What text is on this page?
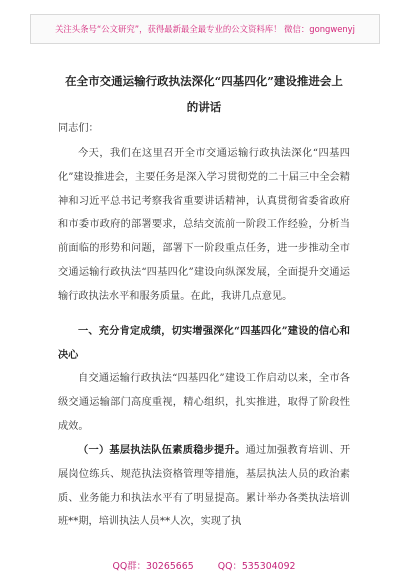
关注头条号“公文研究”，获得最新最全最专业的公文资料库！ 微信：gongwenyj
在全市交通运输行政执法深化“四基四化”建设推进会上
的讲话
同志们：
今天，我们在这里召开全市交通运输行政执法深化“四基四化”建设推进会，主要任务是深入学习贯彻党的二十届三中全会精神和习近平总书记考察我省重要讲话精神，认真贯彻省委省政府和市委市政府的部署要求，总结交流前一阶段工作经验，分析当前面临的形势和问题，部署下一阶段重点任务，进一步推动全市交通运输行政执法“四基四化”建设向纵深发展，全面提升交通运输行政执法水平和服务质量。在此，我讲几点意见。
一、充分肯定成绩，切实增强深化“四基四化”建设的信心和决心
自交通运输行政执法“四基四化”建设工作启动以来，全市各级交通运输部门高度重视，精心组织，扎实推进，取得了阶段性成效。
（一）基层执法队伍素质稳步提升。通过加强教育培训、开展岗位练兵、规范执法资格管理等措施，基层执法人员的政治素质、业务能力和执法水平有了明显提高。累计举办各类执法培训班**期，培训执法人员**人次，实现了执
QQ群：30265665	QQ：535304092
